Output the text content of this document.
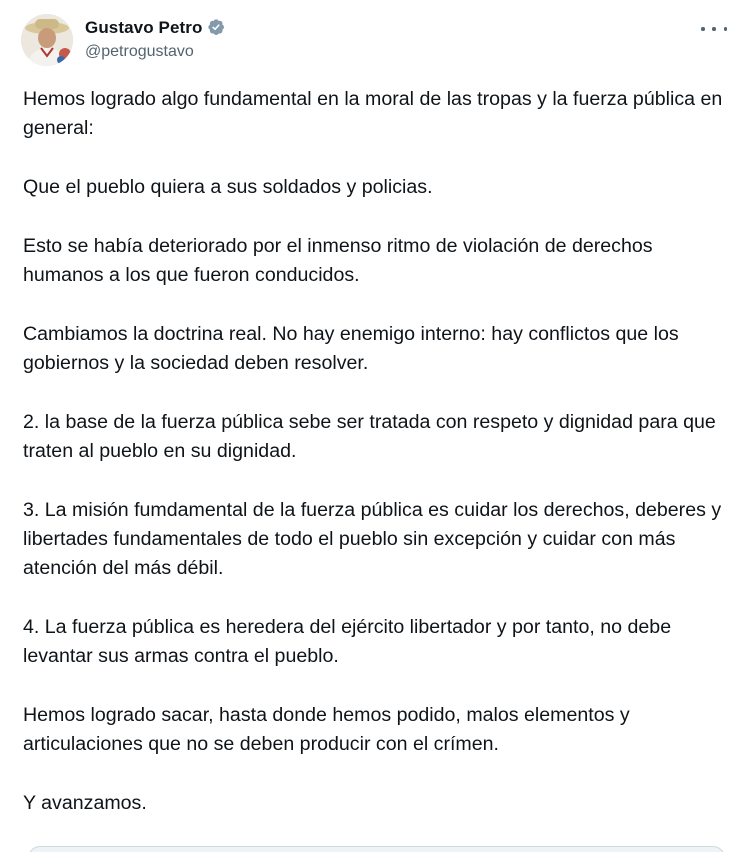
Gustavo Petro
@petrogustavo

Hemos logrado algo fundamental en la moral de las tropas y la fuerza pública en general:

Que el pueblo quiera a sus soldados y policias.

Esto se había deteriorado por el inmenso ritmo de violación de derechos humanos a los que fueron conducidos.

Cambiamos la doctrina real. No hay enemigo interno: hay conflictos que los gobiernos y la sociedad deben resolver.

2. la base de la fuerza pública sebe ser tratada con respeto y dignidad para que traten al pueblo en su dignidad.

3. La misión fumdamental de la fuerza pública es cuidar los derechos, deberes y libertades fundamentales de todo el pueblo sin excepción y cuidar con más atención del más débil.

4. La fuerza pública es heredera del ejército libertador y por tanto, no debe levantar sus armas contra el pueblo.

Hemos logrado sacar, hasta donde hemos podido, malos elementos y articulaciones que no se deben producir con el crímen.

Y avanzamos.
